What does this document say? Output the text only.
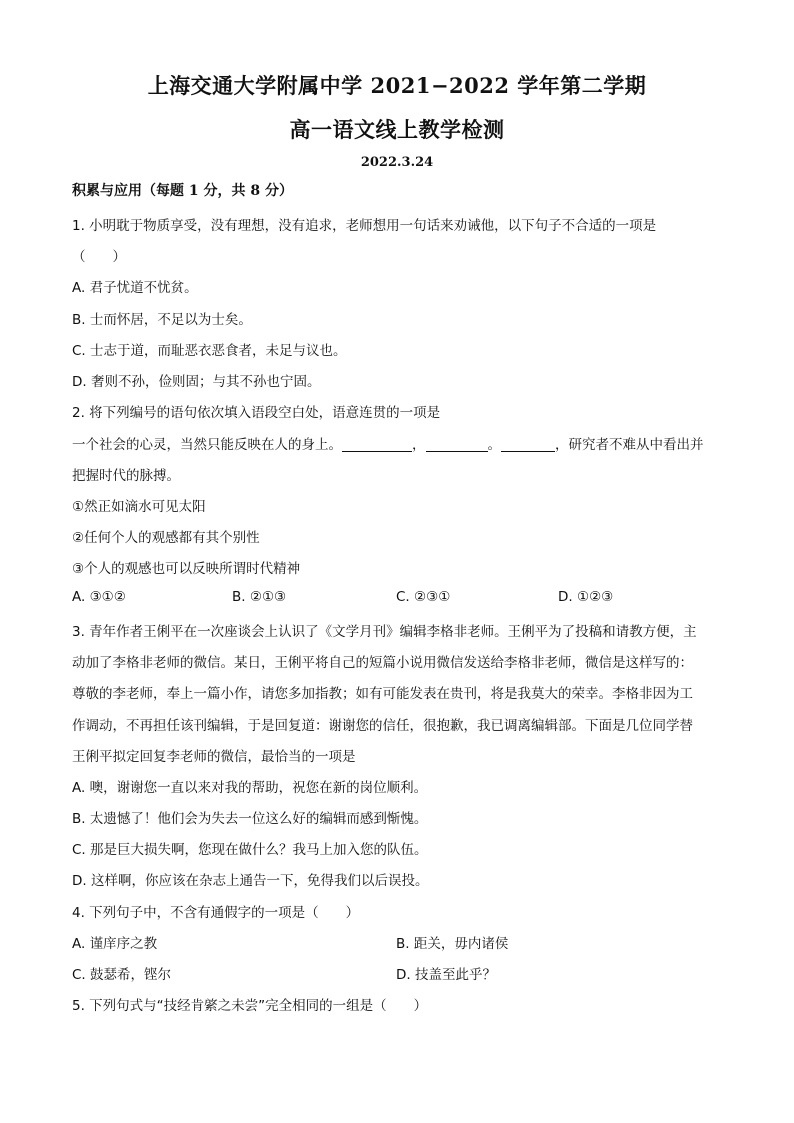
上海交通大学附属中学 2021−2022 学年第二学期
高一语文线上教学检测
2022.3.24
积累与应用（每题 1 分，共 8 分）
1. 小明耽于物质享受，没有理想，没有追求，老师想用一句话来劝诫他，以下句子不合适的一项是
（　　）
A. 君子忧道不忧贫。
B. 士而怀居，不足以为士矣。
C. 士志于道，而耻恶衣恶食者，未足与议也。
D. 奢则不孙，俭则固；与其不孙也宁固。
2. 将下列编号的语句依次填入语段空白处，语意连贯的一项是
一个社会的心灵，当然只能反映在人的身上。	，	。	，研究者不难从中看出并
把握时代的脉搏。
①然正如滴水可见太阳
②任何个人的观感都有其个别性
③个人的观感也可以反映所谓时代精神
A. ③①②	B. ②①③	C. ②③①	D. ①②③
3. 青年作者王俐平在一次座谈会上认识了《文学月刊》编辑李格非老师。王俐平为了投稿和请教方便，主
动加了李格非老师的微信。某日，王俐平将自己的短篇小说用微信发送给李格非老师，微信是这样写的：
尊敬的李老师，奉上一篇小作，请您多加指教；如有可能发表在贵刊，将是我莫大的荣幸。李格非因为工
作调动，不再担任该刊编辑，于是回复道：谢谢您的信任，很抱歉，我已调离编辑部。下面是几位同学替
王俐平拟定回复李老师的微信，最恰当的一项是
A. 噢，谢谢您一直以来对我的帮助，祝您在新的岗位顺利。
B. 太遗憾了！他们会为失去一位这么好的编辑而感到惭愧。
C. 那是巨大损失啊，您现在做什么？我马上加入您的队伍。
D. 这样啊，你应该在杂志上通告一下，免得我们以后误投。
4. 下列句子中，不含有通假字的一项是（　　）
A. 谨庠序之教	B. 距关，毋内诸侯
C. 鼓瑟希，铿尔	D. 技盖至此乎？
5. 下列句式与“技经肯綮之未尝”完全相同的一组是（　　）
